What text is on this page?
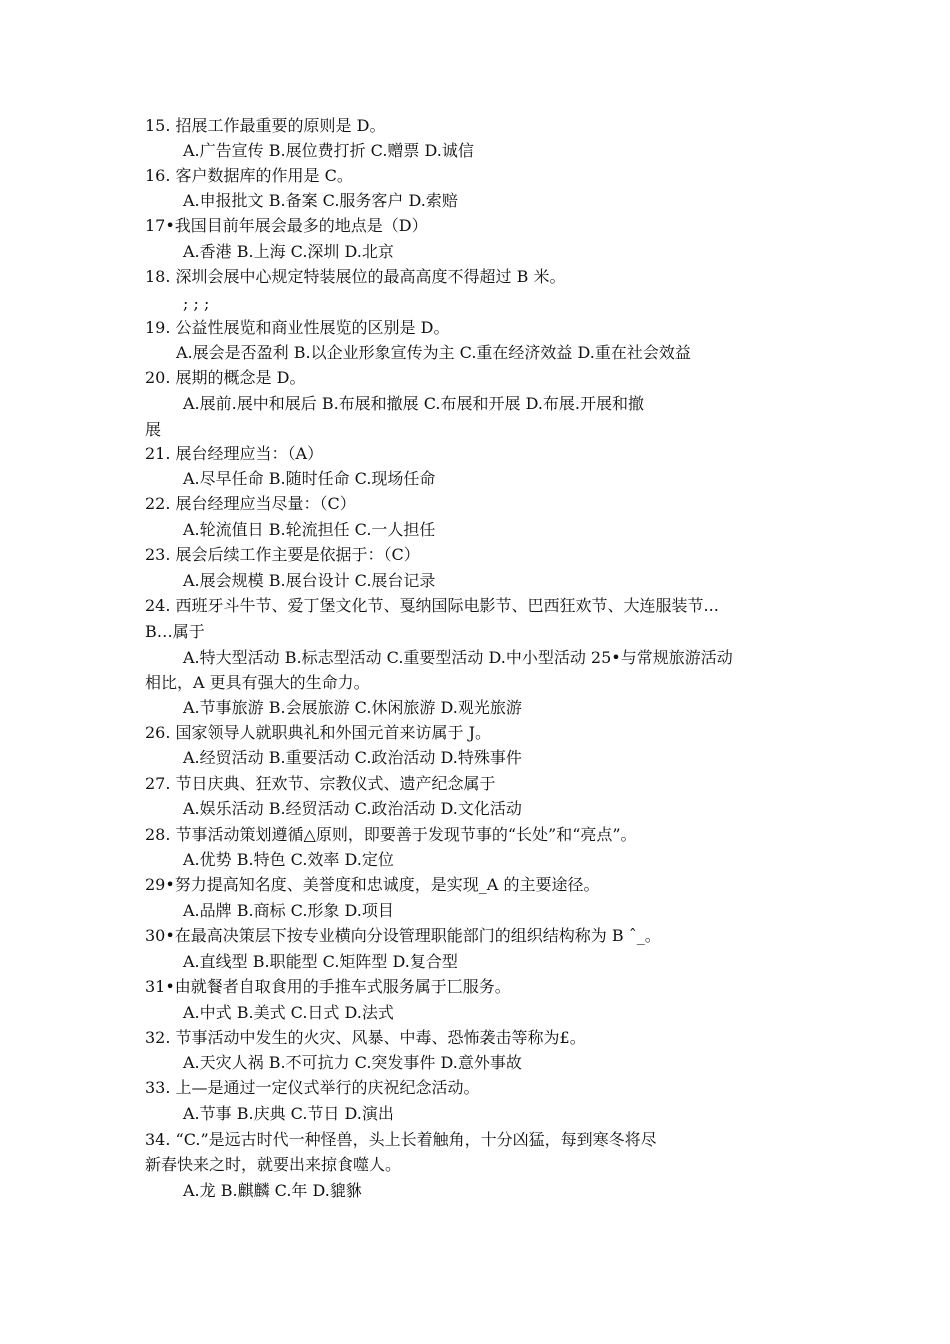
15. 招展工作最重要的原则是 D。
A.广告宣传 B.展位费打折 C.赠票 D.诚信
16. 客户数据库的作用是 C。
A.申报批文 B.备案 C.服务客户 D.索赔
17•我国目前年展会最多的地点是（D）
A.香港 B.上海 C.深圳 D.北京
18. 深圳会展中心规定特装展位的最高高度不得超过 B 米。
; ; ;
19. 公益性展览和商业性展览的区别是 D。
A.展会是否盈利 B.以企业形象宣传为主 C.重在经济效益 D.重在社会效益
20. 展期的概念是 D。
A.展前.展中和展后 B.布展和撤展 C.布展和开展 D.布展.开展和撤
展
21. 展台经理应当：（A）
A.尽早任命 B.随时任命 C.现场任命
22. 展台经理应当尽量：（C）
A.轮流值日 B.轮流担任 C.一人担任
23. 展会后续工作主要是依据于：（C）
A.展会规模 B.展台设计 C.展台记录
24. 西班牙斗牛节、爱丁堡文化节、戛纳国际电影节、巴西狂欢节、大连服装节...
B…属于
A.特大型活动 B.标志型活动 C.重要型活动 D.中小型活动 25•与常规旅游活动
相比，A 更具有强大的生命力。
A.节事旅游 B.会展旅游 C.休闲旅游 D.观光旅游
26. 国家领导人就职典礼和外国元首来访属于 J。
A.经贸活动 B.重要活动 C.政治活动 D.特殊事件
27. 节日庆典、狂欢节、宗教仪式、遗产纪念属于
A.娱乐活动 B.经贸活动 C.政治活动 D.文化活动
28. 节事活动策划遵循△原则，即要善于发现节事的“长处”和“亮点”。
A.优势 B.特色 C.效率 D.定位
29•努力提高知名度、美誉度和忠诚度，是实现_A 的主要途径。
A.品牌 B.商标 C.形象 D.项目
30•在最高决策层下按专业横向分设管理职能部门的组织结构称为 B ˆ_。
A.直线型 B.职能型 C.矩阵型 D.复合型
31•由就餐者自取食用的手推车式服务属于匸服务。
A.中式 B.美式 C.日式 D.法式
32. 节事活动中发生的火灾、风暴、中毒、恐怖袭击等称为£。
A.天灾人祸 B.不可抗力 C.突发事件 D.意外事故
33. 上—是通过一定仪式举行的庆祝纪念活动。
A.节事 B.庆典 C.节日 D.演出
34. “C.”是远古时代一种怪兽，头上长着触角，十分凶猛，每到寒冬将尽
新春快来之时，就要出来掠食噬人。
A.龙 B.麒麟 C.年 D.貔貅
